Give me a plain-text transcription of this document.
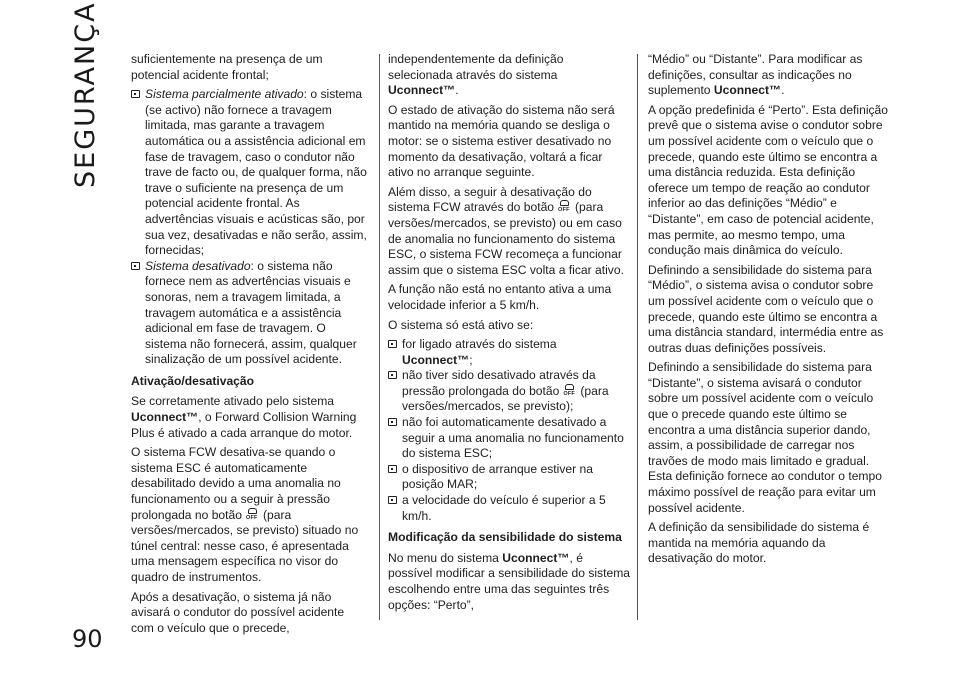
SEGURANÇA
90

suficientemente na presença de um potencial acidente frontal;

Sistema parcialmente ativado: o sistema (se activo) não fornece a travagem limitada, mas garante a travagem automática ou a assistência adicional em fase de travagem, caso o condutor não trave de facto ou, de qualquer forma, não trave o suficiente na presença de um potencial acidente frontal. As advertências visuais e acústicas são, por sua vez, desativadas e não serão, assim, fornecidas;

Sistema desativado: o sistema não fornece nem as advertências visuais e sonoras, nem a travagem limitada, a travagem automática e a assistência adicional em fase de travagem. O sistema não fornecerá, assim, qualquer sinalização de um possível acidente.

Ativação/desativação

Se corretamente ativado pelo sistema Uconnect™, o Forward Collision Warning Plus é ativado a cada arranque do motor.

O sistema FCW desativa-se quando o sistema ESC é automaticamente desabilitado devido a uma anomalia no funcionamento ou a seguir à pressão prolongada no botão OFF (para versões/mercados, se previsto) situado no túnel central: nesse caso, é apresentada uma mensagem específica no visor do quadro de instrumentos.

Após a desativação, o sistema já não avisará o condutor do possível acidente com o veículo que o precede,

independentemente da definição selecionada através do sistema Uconnect™.

O estado de ativação do sistema não será mantido na memória quando se desliga o motor: se o sistema estiver desativado no momento da desativação, voltará a ficar ativo no arranque seguinte.

Além disso, a seguir à desativação do sistema FCW através do botão OFF (para versões/mercados, se previsto) ou em caso de anomalia no funcionamento do sistema ESC, o sistema FCW recomeça a funcionar assim que o sistema ESC volta a ficar ativo.

A função não está no entanto ativa a uma velocidade inferior a 5 km/h.

O sistema só está ativo se:

for ligado através do sistema Uconnect™;

não tiver sido desativado através da pressão prolongada do botão OFF (para versões/mercados, se previsto);

não foi automaticamente desativado a seguir a uma anomalia no funcionamento do sistema ESC;

o dispositivo de arranque estiver na posição MAR;

a velocidade do veículo é superior a 5 km/h.

Modificação da sensibilidade do sistema

No menu do sistema Uconnect™, é possível modificar a sensibilidade do sistema escolhendo entre uma das seguintes três opções: “Perto”,

“Médio” ou “Distante”. Para modificar as definições, consultar as indicações no suplemento Uconnect™.

A opção predefinida é “Perto”. Esta definição prevê que o sistema avise o condutor sobre um possível acidente com o veículo que o precede, quando este último se encontra a uma distância reduzida. Esta definição oferece um tempo de reação ao condutor inferior ao das definições “Médio” e “Distante”, em caso de potencial acidente, mas permite, ao mesmo tempo, uma condução mais dinâmica do veículo.

Definindo a sensibilidade do sistema para “Médio”, o sistema avisa o condutor sobre um possível acidente com o veículo que o precede, quando este último se encontra a uma distância standard, intermédia entre as outras duas definições possíveis.

Definindo a sensibilidade do sistema para “Distante”, o sistema avisará o condutor sobre um possível acidente com o veículo que o precede quando este último se encontra a uma distância superior dando, assim, a possibilidade de carregar nos travões de modo mais limitado e gradual. Esta definição fornece ao condutor o tempo máximo possível de reação para evitar um possível acidente.

A definição da sensibilidade do sistema é mantida na memória aquando da desativação do motor.
